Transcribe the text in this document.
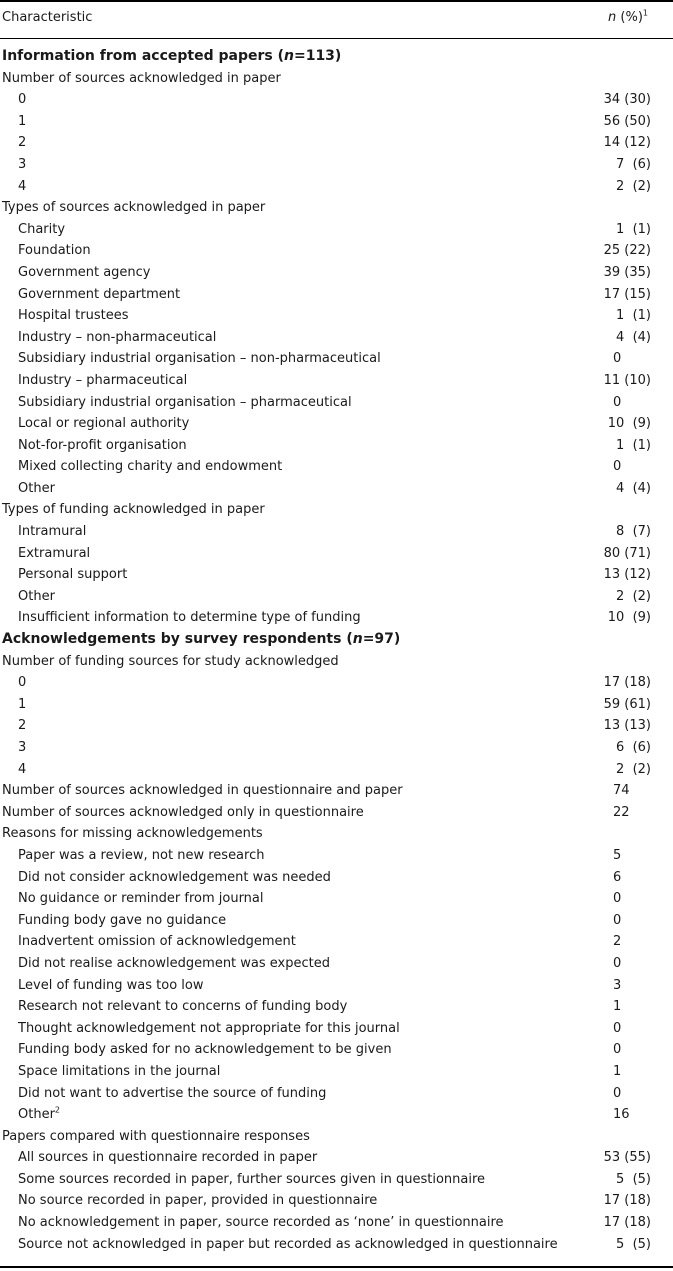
Characteristic	n (%)$^1$
Information from accepted papers (n=113)
Number of sources acknowledged in paper
0	34 (30)
1	56 (50)
2	14 (12)
3	7  (6)
4	2  (2)
Types of sources acknowledged in paper
Charity	1  (1)
Foundation	25 (22)
Government agency	39 (35)
Government department	17 (15)
Hospital trustees	1  (1)
Industry – non-pharmaceutical	4  (4)
Subsidiary industrial organisation – non-pharmaceutical	0
Industry – pharmaceutical	11 (10)
Subsidiary industrial organisation – pharmaceutical	0
Local or regional authority	10  (9)
Not-for-profit organisation	1  (1)
Mixed collecting charity and endowment	0
Other	4  (4)
Types of funding acknowledged in paper
Intramural	8  (7)
Extramural	80 (71)
Personal support	13 (12)
Other	2  (2)
Insufficient information to determine type of funding	10  (9)
Acknowledgements by survey respondents (n=97)
Number of funding sources for study acknowledged
0	17 (18)
1	59 (61)
2	13 (13)
3	6  (6)
4	2  (2)
Number of sources acknowledged in questionnaire and paper	74
Number of sources acknowledged only in questionnaire	22
Reasons for missing acknowledgements
Paper was a review, not new research	5
Did not consider acknowledgement was needed	6
No guidance or reminder from journal	0
Funding body gave no guidance	0
Inadvertent omission of acknowledgement	2
Did not realise acknowledgement was expected	0
Level of funding was too low	3
Research not relevant to concerns of funding body	1
Thought acknowledgement not appropriate for this journal	0
Funding body asked for no acknowledgement to be given	0
Space limitations in the journal	1
Did not want to advertise the source of funding	0
Other$^2$	16
Papers compared with questionnaire responses
All sources in questionnaire recorded in paper	53 (55)
Some sources recorded in paper, further sources given in questionnaire	5  (5)
No source recorded in paper, provided in questionnaire	17 (18)
No acknowledgement in paper, source recorded as ‘none’ in questionnaire	17 (18)
Source not acknowledged in paper but recorded as acknowledged in questionnaire	5  (5)
